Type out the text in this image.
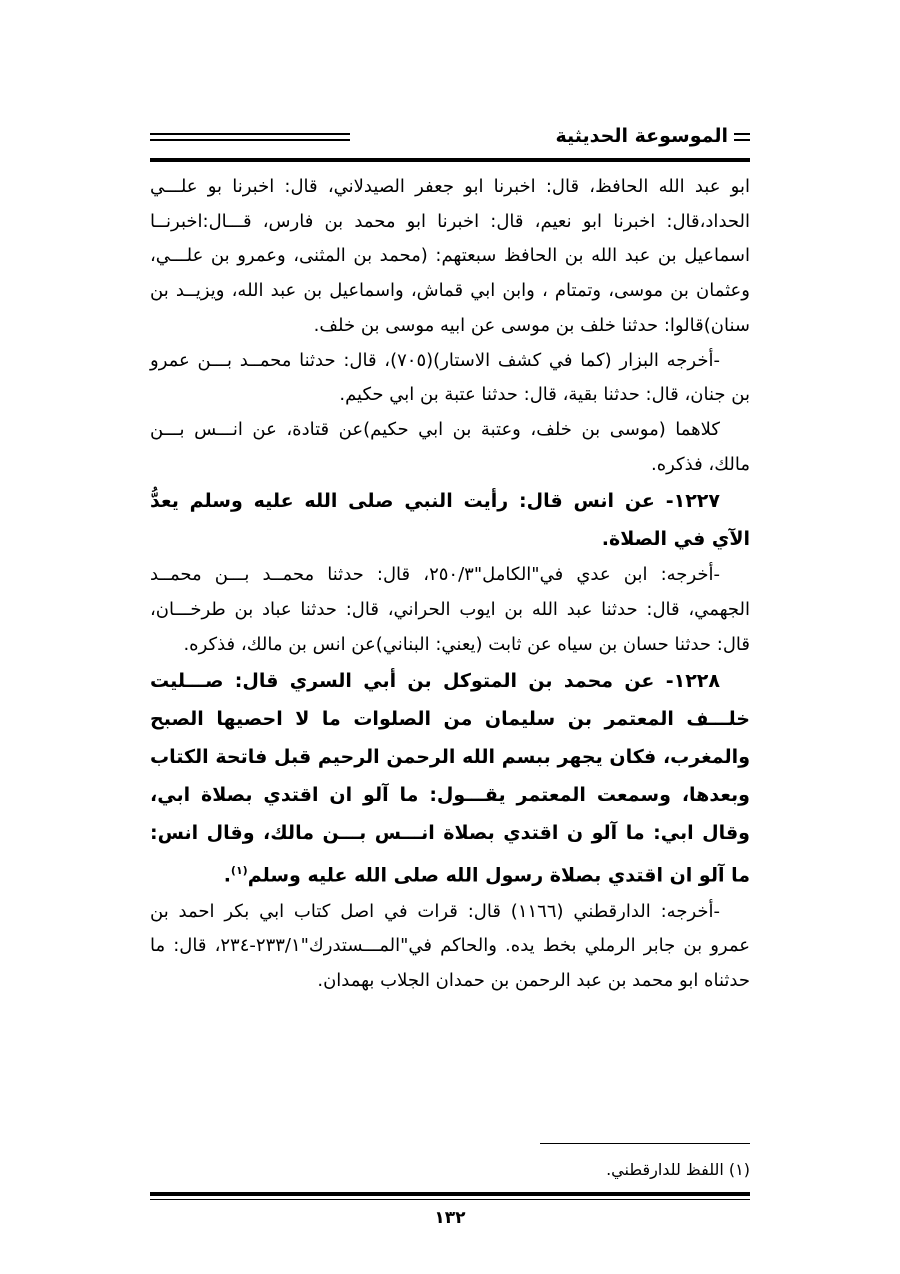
الموسوعة الحديثية

ابو عبد الله الحافظ، قال: اخبرنا ابو جعفر الصيدلاني، قال: اخبرنا بو علـــي الحداد،قال: اخبرنا ابو نعيم، قال: اخبرنا ابو محمد بن فارس، قـــال:اخبرنــا اسماعيل بن عبد الله بن الحافظ سبعتهم: (محمد بن المثنى، وعمرو بن علـــي، وعثمان بن موسى، وتمتام ، وابن ابي قماش، واسماعيل بن عبد الله، ويزيــد بن سنان)قالوا: حدثنا خلف بن موسى عن ابيه موسى بن خلف.

-أخرجه البزار (كما في كشف الاستار)(٧٠٥)، قال: حدثنا محمــد بـــن عمرو بن جنان، قال: حدثنا بقية، قال: حدثنا عتبة بن ابي حكيم.

كلاهما (موسى بن خلف، وعتبة بن ابي حكيم)عن قتادة، عن انـــس بـــن مالك، فذكره.

١٢٢٧- عن انس قال: رأيت النبي صلى الله عليه وسلم يعدُّ الآي في الصلاة.

-أخرجه: ابن عدي في"الكامل"٢٥٠/٣، قال: حدثنا محمــد بـــن محمــد الجهمي، قال: حدثنا عبد الله بن ايوب الحراني، قال: حدثنا عباد بن طرخـــان، قال: حدثنا حسان بن سياه عن ثابت (يعني: البناني)عن انس بن مالك، فذكره.

١٢٢٨- عن محمد بن المتوكل بن أبي السري قال: صـــليت خلـــف المعتمر بن سليمان من الصلوات ما لا احصيها الصبح والمغرب، فكان يجهر ببسم الله الرحمن الرحيم قبل فاتحة الكتاب وبعدها، وسمعت المعتمر يقـــول: ما آلو ان اقتدي بصلاة ابي، وقال ابي: ما آلو ن اقتدي بصلاة انـــس بـــن مالك، وقال انس: ما آلو ان اقتدي بصلاة رسول الله صلى الله عليه وسلم$^{(١)}$.

-أخرجه: الدارقطني (١١٦٦) قال: قرات في اصل كتاب ابي بكر احمد بن عمرو بن جابر الرملي بخط يده. والحاكم في"المـــستدرك"٢٣٣/١-٢٣٤، قال: ما حدثناه ابو محمد بن عبد الرحمن بن حمدان الجلاب بهمدان.

(١) اللفظ للدارقطني.
١٣٢
